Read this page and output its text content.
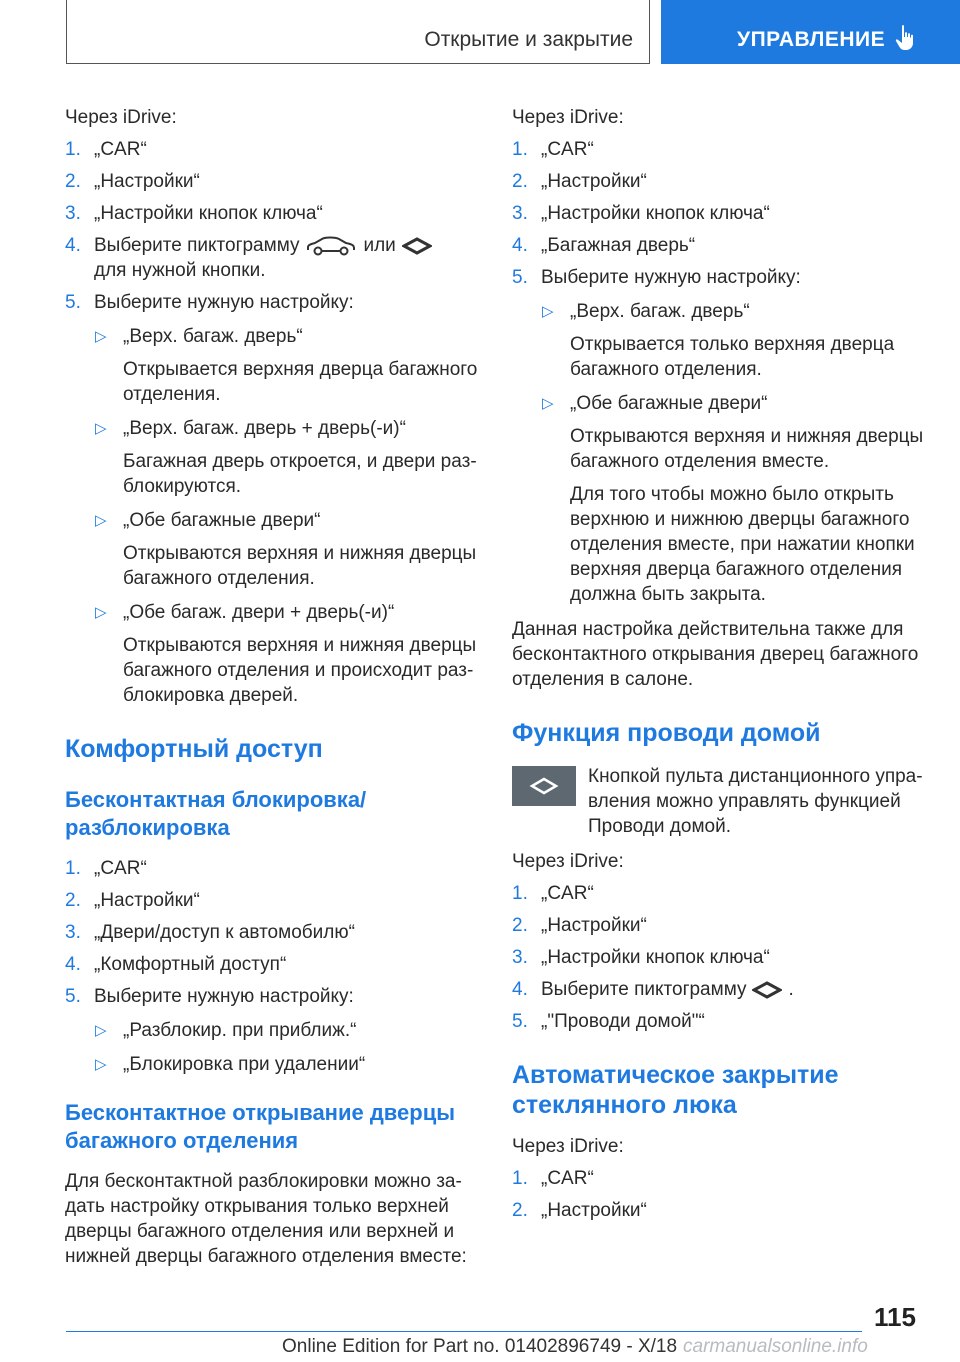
Открытие и закрытие	УПРАВЛЕНИЕ
Через iDrive:
1. „CAR“
2. „Настройки“
3. „Настройки кнопок ключа“
4. Выберите пиктограмму	или
для нужной кнопки.
5. Выберите нужную настройку:
▷ „Верх. багаж. дверь“
Открывается верхняя дверца багажного отделения.
▷ „Верх. багаж. дверь + дверь(-и)“
Багажная дверь откроется, и двери раз-блокируются.
▷ „Обе багажные двери“
Открываются верхняя и нижняя дверцы багажного отделения.
▷ „Обе багаж. двери + дверь(-и)“
Открываются верхняя и нижняя дверцы багажного отделения и происходит раз-блокировка дверей.
Комфортный доступ
Бесконтактная блокировка/ разблокировка
1. „CAR“
2. „Настройки“
3. „Двери/доступ к автомобилю“
4. „Комфортный доступ“
5. Выберите нужную настройку:
▷ „Разблокир. при приближ.“
▷ „Блокировка при удалении“
Бесконтактное открывание дверцы багажного отделения
Для бесконтактной разблокировки можно за-дать настройку открывания только верхней дверцы багажного отделения или верхней и нижней дверцы багажного отделения вместе:
Через iDrive:
1. „CAR“
2. „Настройки“
3. „Настройки кнопок ключа“
4. „Багажная дверь“
5. Выберите нужную настройку:
▷ „Верх. багаж. дверь“
Открывается только верхняя дверца багажного отделения.
▷ „Обе багажные двери“
Открываются верхняя и нижняя дверцы багажного отделения вместе.
Для того чтобы можно было открыть верхнюю и нижнюю дверцы багажного отделения вместе, при нажатии кнопки верхняя дверца багажного отделения должна быть закрыта.
Данная настройка действительна также для бесконтактного открывания дверец багажного отделения в салоне.
Функция проводи домой
Кнопкой пульта дистанционного упра-вления можно управлять функцией Проводи домой.
Через iDrive:
1. „CAR“
2. „Настройки“
3. „Настройки кнопок ключа“
4. Выберите пиктограмму .
5. „"Проводи домой"“
Автоматическое закрытие стеклянного люка
Через iDrive:
1. „CAR“
2. „Настройки“
115
Online Edition for Part no. 01402896749 - X/18 carmanualsonline.info
